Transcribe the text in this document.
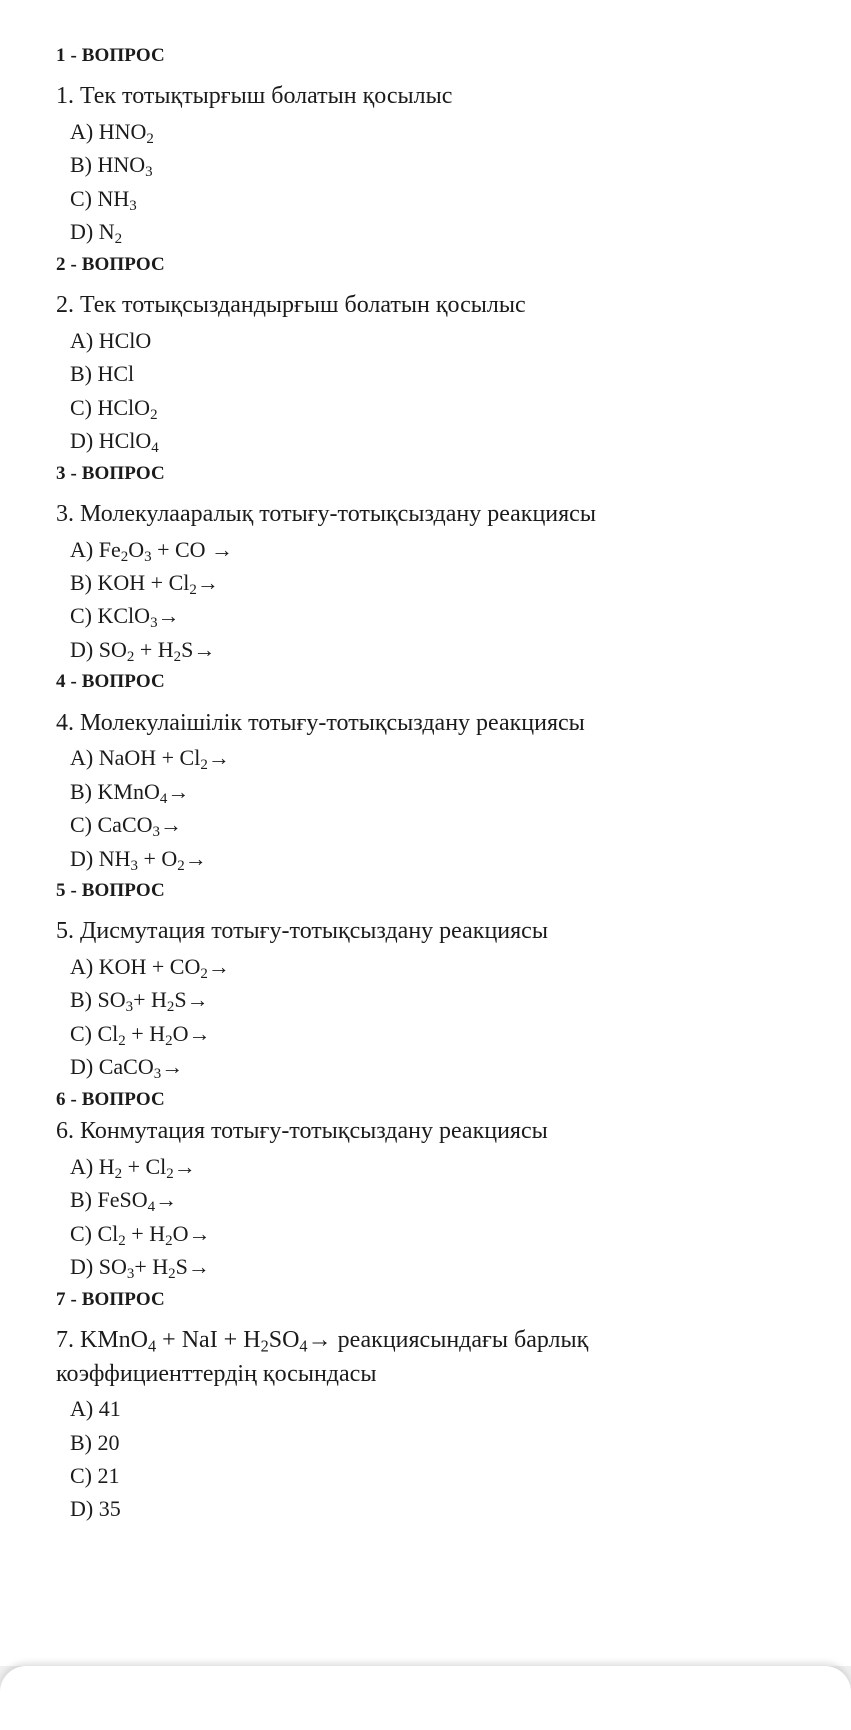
1 - ВОПРОС
1. Тек тотықтырғыш болатын қосылыс
A) $HNO_2$
B) $HNO_3$
C) $NH_3$
D) $N_2$
2 - ВОПРОС
2. Тек тотықсыздандырғыш болатын қосылыс
A) HClO
B) HCl
C) HClO$_2$
D) HClO$_4$
3 - ВОПРОС
3. Молекулааралық тотығу-тотықсыздану реакциясы
A) $Fe_2O_3$ + CO →
B) KOH + $Cl_2\to$
C) KClO$_3$→
D) $SO_2 + H_2S\to$
4 - ВОПРОС
4. Молекулаішілік тотығу-тотықсыздану реакциясы
A) NaOH + $Cl_2\to$
B) KMnO$_4$→
C) CaCO$_3$→
D) $NH_3 + O_2\to$
5 - ВОПРОС
5. Дисмутация тотығу-тотықсыздану реакциясы
A) KOH + $CO_2\to$
B) $SO_3+ H_2S\to$
C) $Cl_2 + H_2O\to$
D) CaCO$_3$→
6 - ВОПРОС
6. Конмутация тотығу-тотықсыздану реакциясы
A) $H_2 + Cl_2\to$
B) FeSO$_4$→
C) $Cl_2 + H_2O\to$
D) $SO_3+ H_2S\to$
7 - ВОПРОС
7. KMnO$_4$ + NaI + $H_2SO_4\to$ реакциясындағы барлық коэффициенттердің қосындасы
A) 41
B) 20
C) 21
D) 35
